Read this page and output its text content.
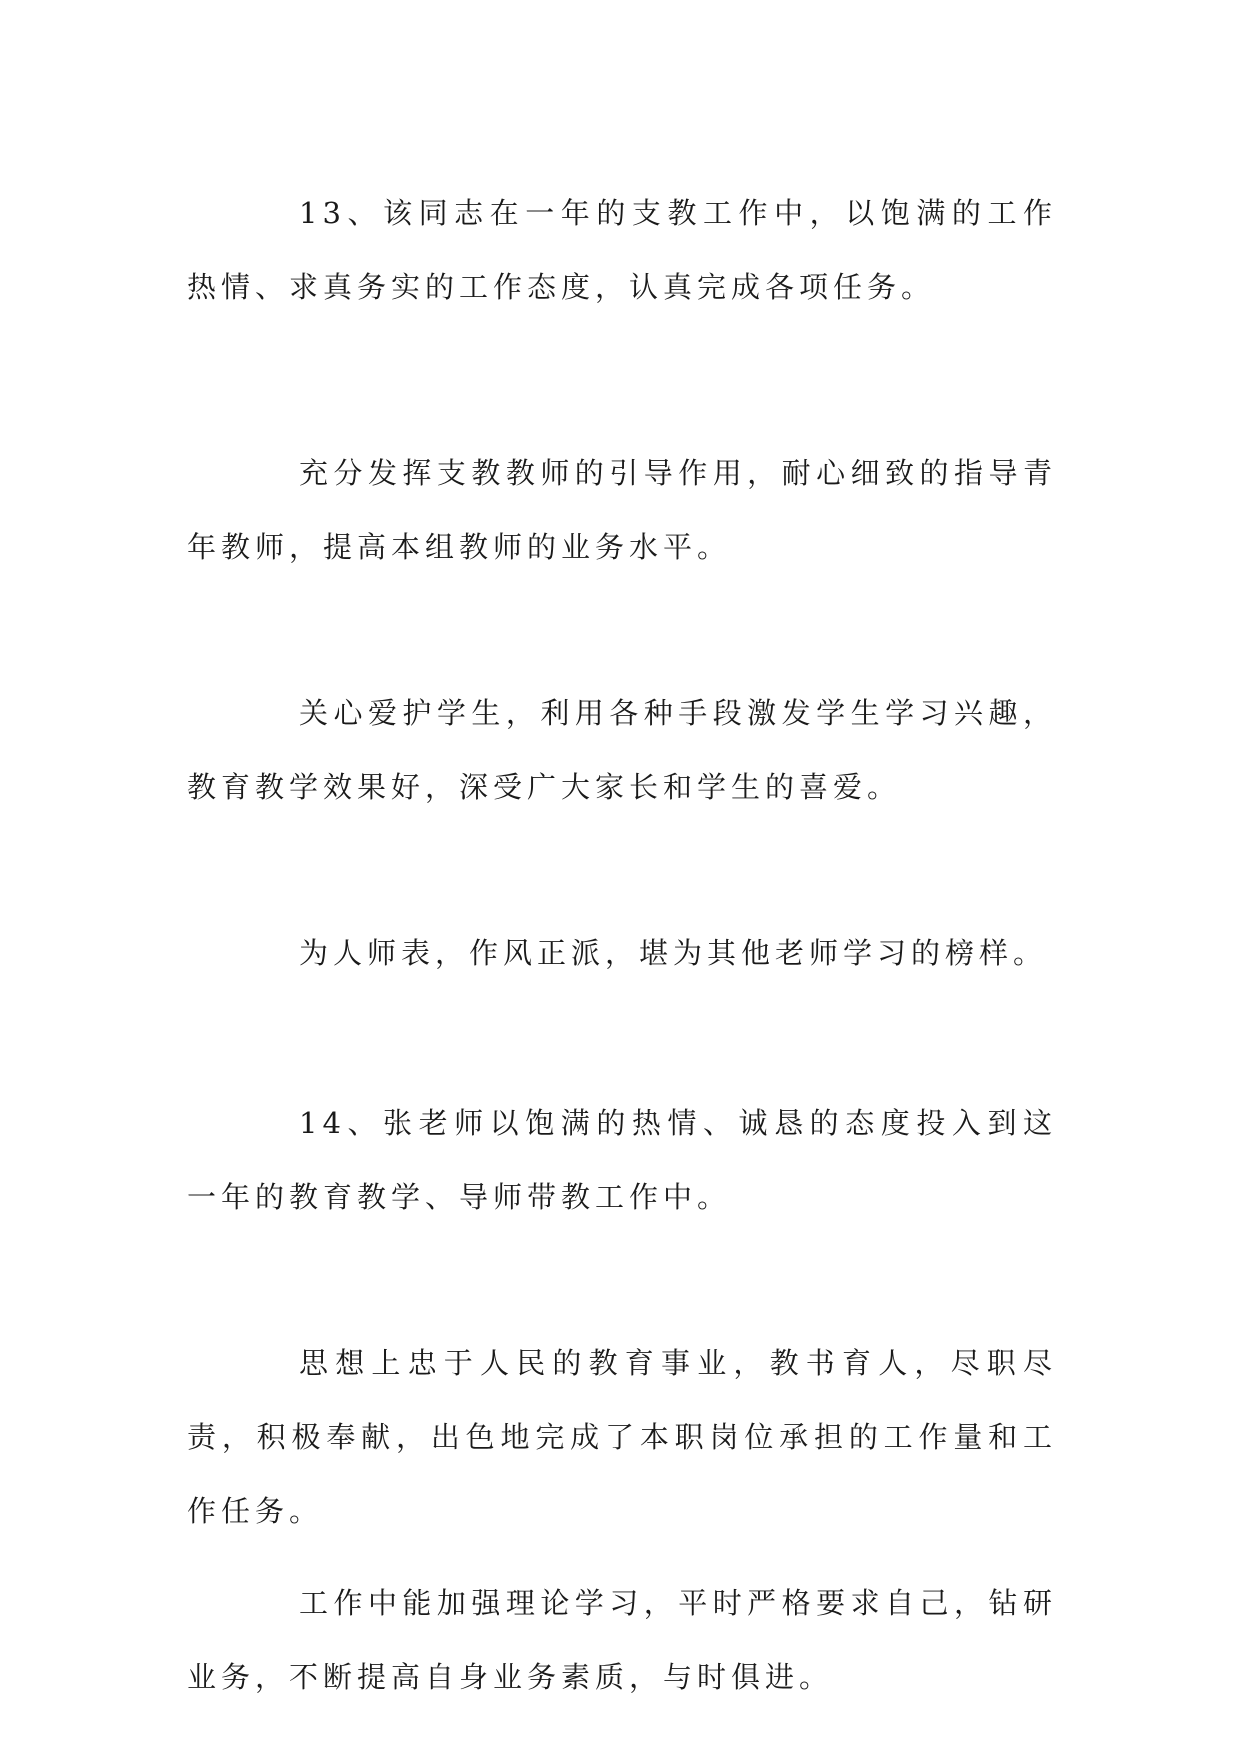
13、该同志在一年的支教工作中，以饱满的工作热情、求真务实的工作态度，认真完成各项任务。

充分发挥支教教师的引导作用，耐心细致的指导青年教师，提高本组教师的业务水平。

关心爱护学生，利用各种手段激发学生学习兴趣，教育教学效果好，深受广大家长和学生的喜爱。

为人师表，作风正派，堪为其他老师学习的榜样。

14、张老师以饱满的热情、诚恳的态度投入到这一年的教育教学、导师带教工作中。

思想上忠于人民的教育事业，教书育人，尽职尽责，积极奉献，出色地完成了本职岗位承担的工作量和工作任务。

工作中能加强理论学习，平时严格要求自己，钻研业务，不断提高自身业务素质，与时俱进。
